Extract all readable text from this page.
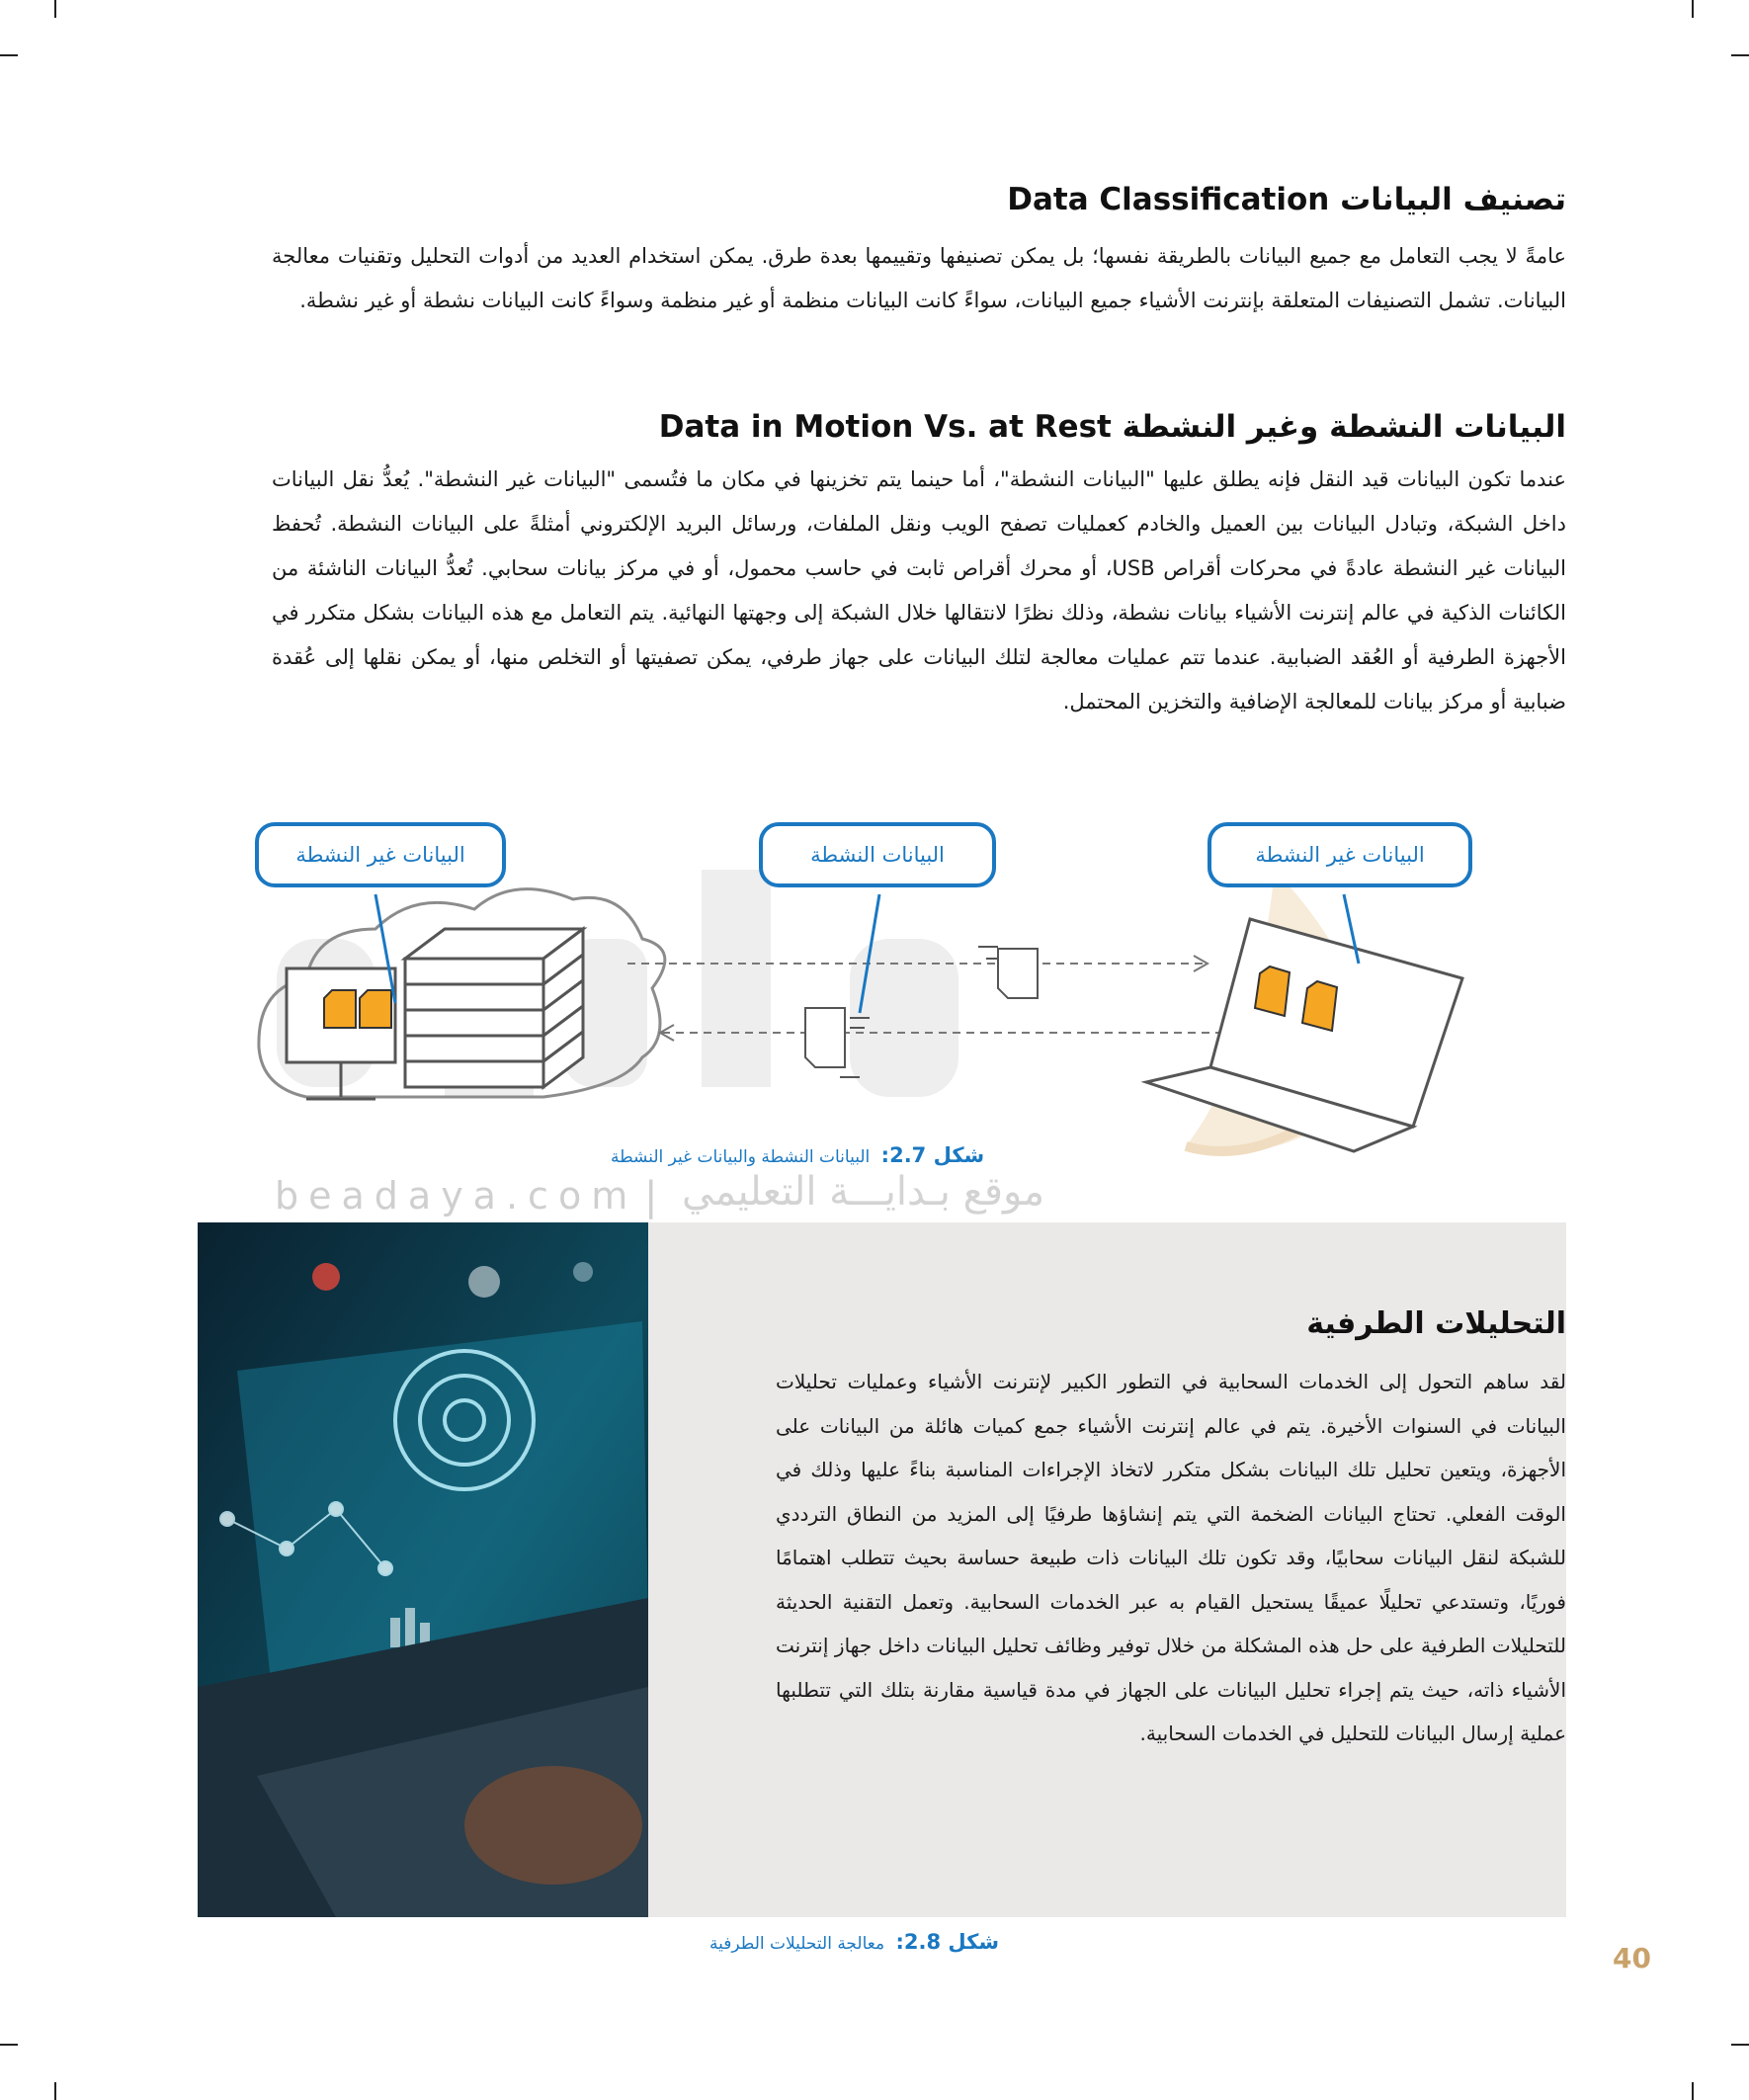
تصنيف البيانات Data Classification

عامةً لا يجب التعامل مع جميع البيانات بالطريقة نفسها؛ بل يمكن تصنيفها وتقييمها بعدة طرق. يمكن استخدام العديد من أدوات التحليل وتقنيات معالجة البيانات. تشمل التصنيفات المتعلقة بإنترنت الأشياء جميع البيانات، سواءً كانت البيانات منظمة أو غير منظمة وسواءً كانت البيانات نشطة أو غير نشطة.

البيانات النشطة وغير النشطة Data in Motion Vs. at Rest

عندما تكون البيانات قيد النقل فإنه يطلق عليها "البيانات النشطة"، أما حينما يتم تخزينها في مكان ما فتُسمى "البيانات غير النشطة". يُعدُّ نقل البيانات داخل الشبكة، وتبادل البيانات بين العميل والخادم كعمليات تصفح الويب ونقل الملفات، ورسائل البريد الإلكتروني أمثلةً على البيانات النشطة. تُحفظ البيانات غير النشطة عادةً في محركات أقراص USB، أو محرك أقراص ثابت في حاسب محمول، أو في مركز بيانات سحابي. تُعدُّ البيانات الناشئة من الكائنات الذكية في عالم إنترنت الأشياء بيانات نشطة، وذلك نظرًا لانتقالها خلال الشبكة إلى وجهتها النهائية. يتم التعامل مع هذه البيانات بشكل متكرر في الأجهزة الطرفية أو العُقد الضبابية. عندما تتم عمليات معالجة لتلك البيانات على جهاز طرفي، يمكن تصفيتها أو التخلص منها، أو يمكن نقلها إلى عُقدة ضبابية أو مركز بيانات للمعالجة الإضافية والتخزين المحتمل.

البيانات غير النشطة	البيانات النشطة	البيانات غير النشطة
شكل 2.7: البيانات النشطة والبيانات غير النشطة
beadaya.com | موقع بـدايـــة التعليمي
التحليلات الطرفية

لقد ساهم التحول إلى الخدمات السحابية في التطور الكبير لإنترنت الأشياء وعمليات تحليلات البيانات في السنوات الأخيرة. يتم في عالم إنترنت الأشياء جمع كميات هائلة من البيانات على الأجهزة، ويتعين تحليل تلك البيانات بشكل متكرر لاتخاذ الإجراءات المناسبة بناءً عليها وذلك في الوقت الفعلي. تحتاج البيانات الضخمة التي يتم إنشاؤها طرفيًا إلى المزيد من النطاق الترددي للشبكة لنقل البيانات سحابيًا، وقد تكون تلك البيانات ذات طبيعة حساسة بحيث تتطلب اهتمامًا فوريًا، وتستدعي تحليلًا عميقًا يستحيل القيام به عبر الخدمات السحابية. وتعمل التقنية الحديثة للتحليلات الطرفية على حل هذه المشكلة من خلال توفير وظائف تحليل البيانات داخل جهاز إنترنت الأشياء ذاته، حيث يتم إجراء تحليل البيانات على الجهاز في مدة قياسية مقارنة بتلك التي تتطلبها عملية إرسال البيانات للتحليل في الخدمات السحابية.

شكل 2.8: معالجة التحليلات الطرفية	40
